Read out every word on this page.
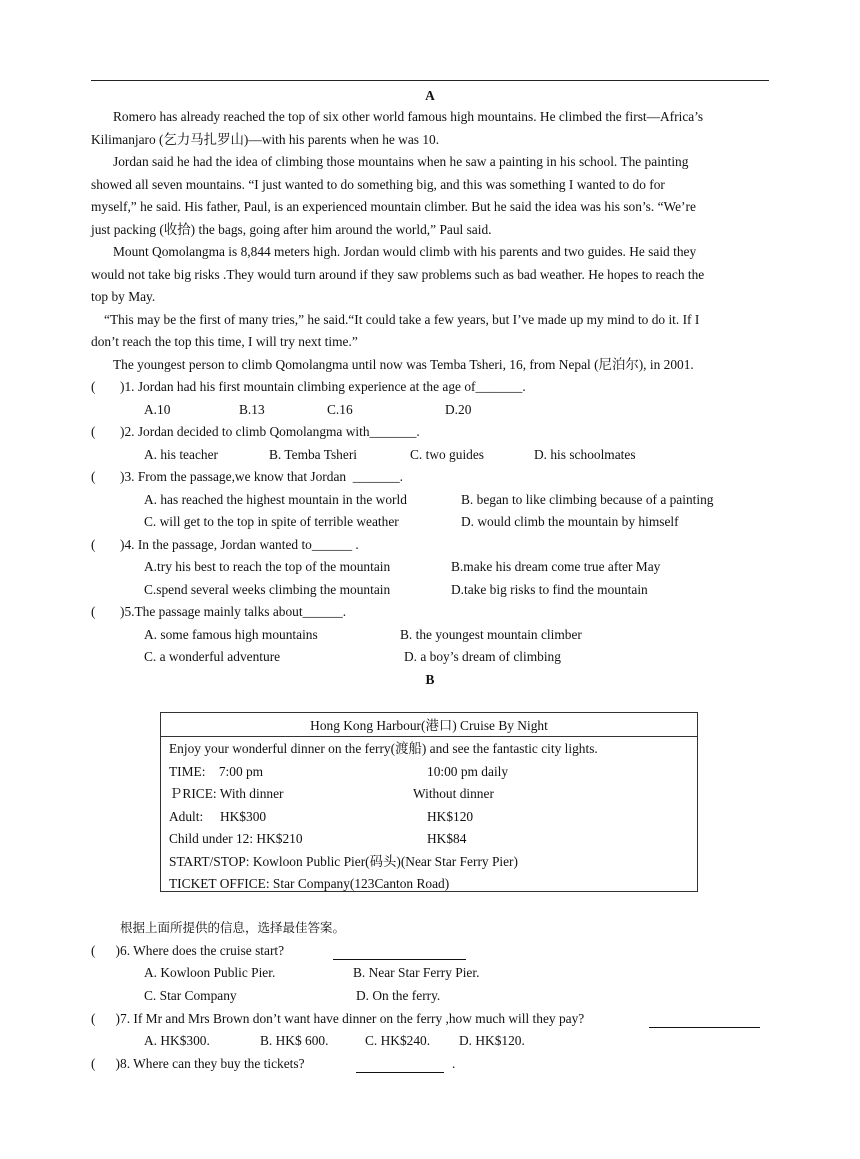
A
Romero has already reached the top of six other world famous high mountains. He climbed the first—Africa’s
Kilimanjaro (乞力马扎罗山)—with his parents when he was 10.
Jordan said he had the idea of climbing those mountains when he saw a painting in his school. The painting
showed all seven mountains. “I just wanted to do something big, and this was something I wanted to do for
myself,” he said. His father, Paul, is an experienced mountain climber. But he said the idea was his son’s. “We’re
just packing (收拾) the bags, going after him around the world,” Paul said.
Mount Qomolangma is 8,844 meters high. Jordan would climb with his parents and two guides. He said they
would not take big risks .They would turn around if they saw problems such as bad weather. He hopes to reach the
top by May.
“This may be the first of many tries,” he said.“It could take a few years, but I’ve made up my mind to do it. If I
don’t reach the top this time, I will try next time.”
The youngest person to climb Qomolangma until now was Temba Tsheri, 16, from Nepal (尼泊尔), in 2001.
( )1. Jordan had his first mountain climbing experience at the age of_______.
A.10	B.13	C.16	D.20
( )2. Jordan decided to climb Qomolangma with_______.
A. his teacher	B. Temba Tsheri	C. two guides	D. his schoolmates
( )3. From the passage,we know that Jordan  _______.
A. has reached the highest mountain in the world	B. began to like climbing because of a painting
C. will get to the top in spite of terrible weather	D. would climb the mountain by himself
( )4. In the passage, Jordan wanted to______ .
A.try his best to reach the top of the mountain	B.make his dream come true after May
C.spend several weeks climbing the mountain	D.take big risks to find the mountain
( )5.The passage mainly talks about______.
A. some famous high mountains	B. the youngest mountain climber
C. a wonderful adventure	D. a boy’s dream of climbing
B
Hong Kong Harbour(港口) Cruise By Night
Enjoy your wonderful dinner on the ferry(渡船) and see the fantastic city lights.
TIME:    7:00 pm	10:00 pm daily
ＰRICE: With dinner	Without dinner
Adult:     HK$300	HK$120
Child under 12: HK$210	HK$84
START/STOP: Kowloon Public Pier(码头)(Near Star Ferry Pier)
TICKET OFFICE: Star Company(123Canton Road)
根据上面所提供的信息，选择最佳答案。
(      )6. Where does the cruise start?
A. Kowloon Public Pier.	B. Near Star Ferry Pier.
C. Star Company	D. On the ferry.
(      )7. If Mr and Mrs Brown don’t want have dinner on the ferry ,how much will they pay?
A. HK$300.	B. HK$ 600.	C. HK$240. D. HK$120.
(      )8. Where can they buy the tickets?	.
